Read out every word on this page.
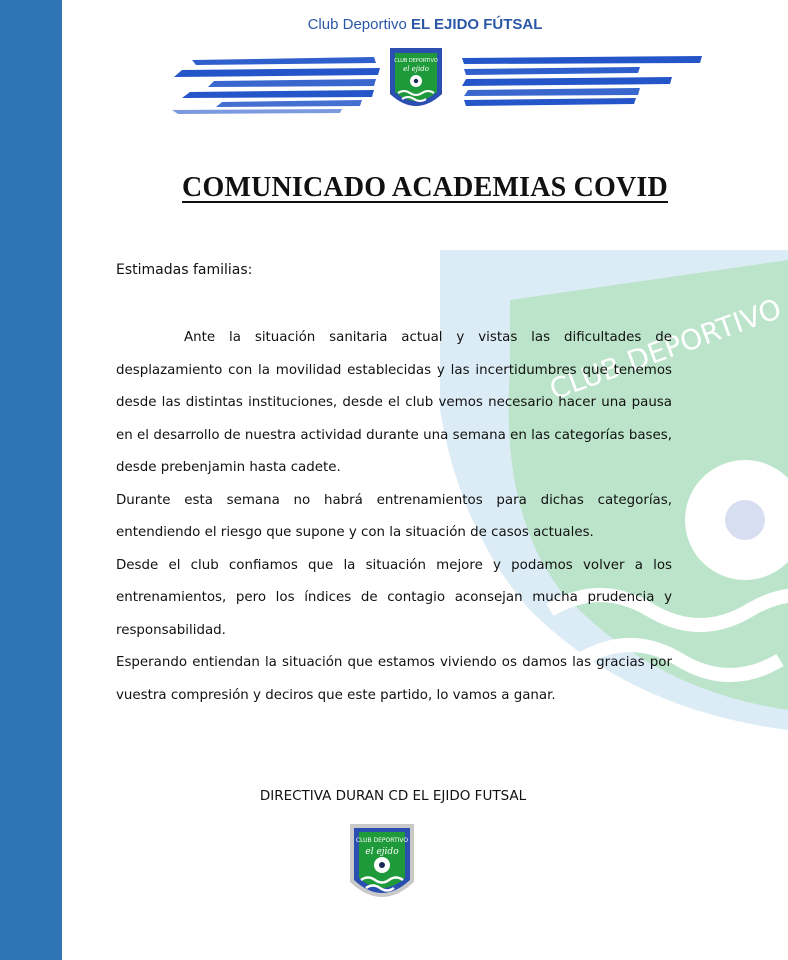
Club Deportivo EL EJIDO FÚTSAL
CLUB DEPORTIVO
el ejido
CLUB DEPORTIVO
COMUNICADO ACADEMIAS COVID
Estimadas familias:

Ante la situación sanitaria actual y vistas las dificultades de desplazamiento con la movilidad establecidas y las incertidumbres que tenemos desde las distintas instituciones, desde el club vemos necesario hacer una pausa en el desarrollo de nuestra actividad durante una semana en las categorías bases, desde prebenjamin hasta cadete.

Durante esta semana no habrá entrenamientos para dichas categorías, entendiendo el riesgo que supone y con la situación de casos actuales.

Desde el club confiamos que la situación mejore y podamos volver a los entrenamientos, pero los índices de contagio aconsejan mucha prudencia y responsabilidad.

Esperando entiendan la situación que estamos viviendo os damos las gracias por vuestra compresión y deciros que este partido, lo vamos a ganar.

DIRECTIVA DURAN CD EL EJIDO FUTSAL
CLUB DEPORTIVO
el ejido
